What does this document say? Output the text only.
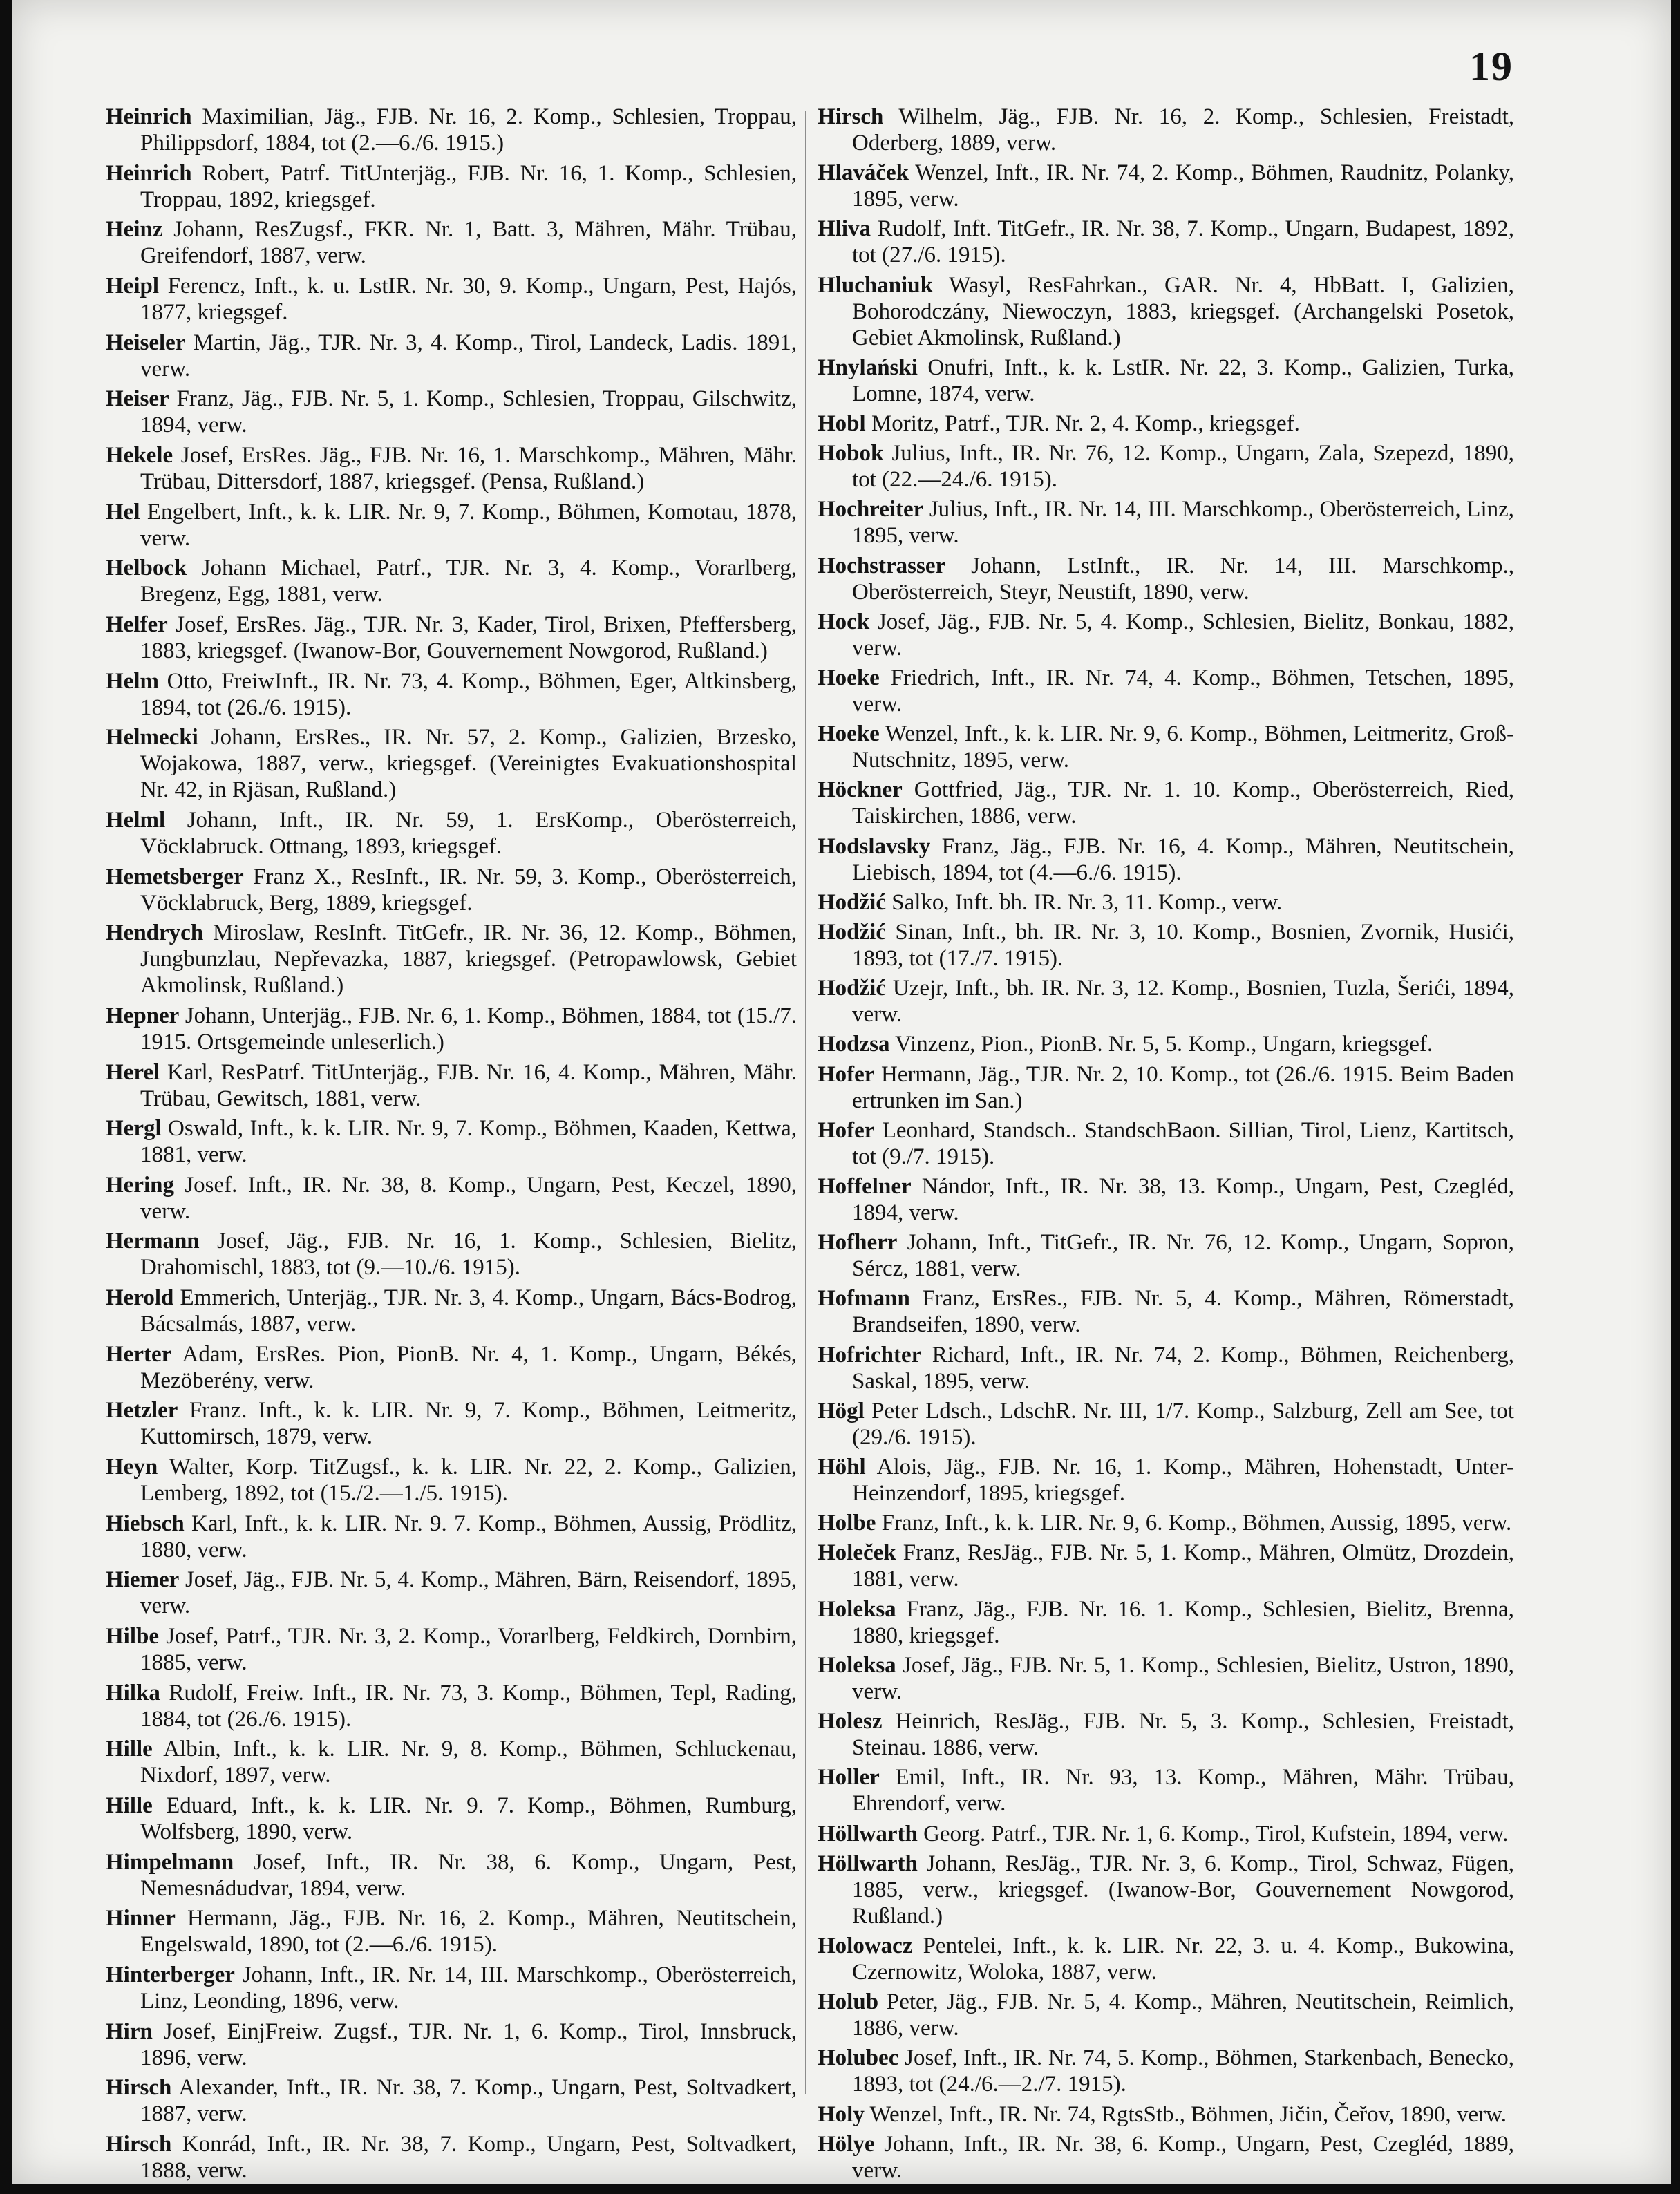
19
Heinrich Maximilian, Jäg., FJB. Nr. 16, 2. Komp., Schlesien, Troppau, Philippsdorf, 1884, tot (2.—6./6. 1915.)
Heinrich Robert, Patrf. TitUnterjäg., FJB. Nr. 16, 1. Komp., Schlesien, Troppau, 1892, kriegsgef.
Heinz Johann, ResZugsf., FKR. Nr. 1, Batt. 3, Mähren, Mähr. Trübau, Greifendorf, 1887, verw.
Heipl Ferencz, Inft., k. u. LstIR. Nr. 30, 9. Komp., Ungarn, Pest, Hajós, 1877, kriegsgef.
Heiseler Martin, Jäg., TJR. Nr. 3, 4. Komp., Tirol, Landeck, Ladis. 1891, verw.
Heiser Franz, Jäg., FJB. Nr. 5, 1. Komp., Schlesien, Troppau, Gilschwitz, 1894, verw.
Hekele Josef, ErsRes. Jäg., FJB. Nr. 16, 1. Marschkomp., Mähren, Mähr. Trübau, Dittersdorf, 1887, kriegsgef. (Pensa, Rußland.)
Hel Engelbert, Inft., k. k. LIR. Nr. 9, 7. Komp., Böhmen, Komotau, 1878, verw.
Helbock Johann Michael, Patrf., TJR. Nr. 3, 4. Komp., Vorarlberg, Bregenz, Egg, 1881, verw.
Helfer Josef, ErsRes. Jäg., TJR. Nr. 3, Kader, Tirol, Brixen, Pfeffersberg, 1883, kriegsgef. (Iwanow-Bor, Gouvernement Nowgorod, Rußland.)
Helm Otto, FreiwInft., IR. Nr. 73, 4. Komp., Böhmen, Eger, Altkinsberg, 1894, tot (26./6. 1915).
Helmecki Johann, ErsRes., IR. Nr. 57, 2. Komp., Galizien, Brzesko, Wojakowa, 1887, verw., kriegsgef. (Vereinigtes Evakuationshospital Nr. 42, in Rjäsan, Rußland.)
Helml Johann, Inft., IR. Nr. 59, 1. ErsKomp., Oberösterreich, Vöcklabruck. Ottnang, 1893, kriegsgef.
Hemetsberger Franz X., ResInft., IR. Nr. 59, 3. Komp., Oberösterreich, Vöcklabruck, Berg, 1889, kriegsgef.
Hendrych Miroslaw, ResInft. TitGefr., IR. Nr. 36, 12. Komp., Böhmen, Jungbunzlau, Nepřevazka, 1887, kriegsgef. (Petropawlowsk, Gebiet Akmolinsk, Rußland.)
Hepner Johann, Unterjäg., FJB. Nr. 6, 1. Komp., Böhmen, 1884, tot (15./7. 1915. Ortsgemeinde unleserlich.)
Herel Karl, ResPatrf. TitUnterjäg., FJB. Nr. 16, 4. Komp., Mähren, Mähr. Trübau, Gewitsch, 1881, verw.
Hergl Oswald, Inft., k. k. LIR. Nr. 9, 7. Komp., Böhmen, Kaaden, Kettwa, 1881, verw.
Hering Josef. Inft., IR. Nr. 38, 8. Komp., Ungarn, Pest, Keczel, 1890, verw.
Hermann Josef, Jäg., FJB. Nr. 16, 1. Komp., Schlesien, Bielitz, Drahomischl, 1883, tot (9.—10./6. 1915).
Herold Emmerich, Unterjäg., TJR. Nr. 3, 4. Komp., Ungarn, Bács-Bodrog, Bácsalmás, 1887, verw.
Herter Adam, ErsRes. Pion, PionB. Nr. 4, 1. Komp., Ungarn, Békés, Mezöberény, verw.
Hetzler Franz. Inft., k. k. LIR. Nr. 9, 7. Komp., Böhmen, Leitmeritz, Kuttomirsch, 1879, verw.
Heyn Walter, Korp. TitZugsf., k. k. LIR. Nr. 22, 2. Komp., Galizien, Lemberg, 1892, tot (15./2.—1./5. 1915).
Hiebsch Karl, Inft., k. k. LIR. Nr. 9. 7. Komp., Böhmen, Aussig, Prödlitz, 1880, verw.
Hiemer Josef, Jäg., FJB. Nr. 5, 4. Komp., Mähren, Bärn, Reisendorf, 1895, verw.
Hilbe Josef, Patrf., TJR. Nr. 3, 2. Komp., Vorarlberg, Feldkirch, Dornbirn, 1885, verw.
Hilka Rudolf, Freiw. Inft., IR. Nr. 73, 3. Komp., Böhmen, Tepl, Rading, 1884, tot (26./6. 1915).
Hille Albin, Inft., k. k. LIR. Nr. 9, 8. Komp., Böhmen, Schluckenau, Nixdorf, 1897, verw.
Hille Eduard, Inft., k. k. LIR. Nr. 9. 7. Komp., Böhmen, Rumburg, Wolfsberg, 1890, verw.
Himpelmann Josef, Inft., IR. Nr. 38, 6. Komp., Ungarn, Pest, Nemesnádudvar, 1894, verw.
Hinner Hermann, Jäg., FJB. Nr. 16, 2. Komp., Mähren, Neutitschein, Engelswald, 1890, tot (2.—6./6. 1915).
Hinterberger Johann, Inft., IR. Nr. 14, III. Marschkomp., Oberösterreich, Linz, Leonding, 1896, verw.
Hirn Josef, EinjFreiw. Zugsf., TJR. Nr. 1, 6. Komp., Tirol, Innsbruck, 1896, verw.
Hirsch Alexander, Inft., IR. Nr. 38, 7. Komp., Ungarn, Pest, Soltvadkert, 1887, verw.
Hirsch Konrád, Inft., IR. Nr. 38, 7. Komp., Ungarn, Pest, Soltvadkert, 1888, verw.
Hirsch Wilhelm, Jäg., FJB. Nr. 16, 2. Komp., Schlesien, Freistadt, Oderberg, 1889, verw.
Hlaváček Wenzel, Inft., IR. Nr. 74, 2. Komp., Böhmen, Raudnitz, Polanky, 1895, verw.
Hliva Rudolf, Inft. TitGefr., IR. Nr. 38, 7. Komp., Ungarn, Budapest, 1892, tot (27./6. 1915).
Hluchaniuk Wasyl, ResFahrkan., GAR. Nr. 4, HbBatt. I, Galizien, Bohorodczány, Niewoczyn, 1883, kriegsgef. (Archangelski Posetok, Gebiet Akmolinsk, Rußland.)
Hnylański Onufri, Inft., k. k. LstIR. Nr. 22, 3. Komp., Galizien, Turka, Lomne, 1874, verw.
Hobl Moritz, Patrf., TJR. Nr. 2, 4. Komp., kriegsgef.
Hobok Julius, Inft., IR. Nr. 76, 12. Komp., Ungarn, Zala, Szepezd, 1890, tot (22.—24./6. 1915).
Hochreiter Julius, Inft., IR. Nr. 14, III. Marschkomp., Oberösterreich, Linz, 1895, verw.
Hochstrasser Johann, LstInft., IR. Nr. 14, III. Marschkomp., Oberösterreich, Steyr, Neustift, 1890, verw.
Hock Josef, Jäg., FJB. Nr. 5, 4. Komp., Schlesien, Bielitz, Bonkau, 1882, verw.
Hoeke Friedrich, Inft., IR. Nr. 74, 4. Komp., Böhmen, Tetschen, 1895, verw.
Hoeke Wenzel, Inft., k. k. LIR. Nr. 9, 6. Komp., Böhmen, Leitmeritz, Groß-Nutschnitz, 1895, verw.
Höckner Gottfried, Jäg., TJR. Nr. 1. 10. Komp., Oberösterreich, Ried, Taiskirchen, 1886, verw.
Hodslavsky Franz, Jäg., FJB. Nr. 16, 4. Komp., Mähren, Neutitschein, Liebisch, 1894, tot (4.—6./6. 1915).
Hodžić Salko, Inft. bh. IR. Nr. 3, 11. Komp., verw.
Hodžić Sinan, Inft., bh. IR. Nr. 3, 10. Komp., Bosnien, Zvornik, Husići, 1893, tot (17./7. 1915).
Hodžić Uzejr, Inft., bh. IR. Nr. 3, 12. Komp., Bosnien, Tuzla, Šerići, 1894, verw.
Hodzsa Vinzenz, Pion., PionB. Nr. 5, 5. Komp., Ungarn, kriegsgef.
Hofer Hermann, Jäg., TJR. Nr. 2, 10. Komp., tot (26./6. 1915. Beim Baden ertrunken im San.)
Hofer Leonhard, Standsch.. StandschBaon. Sillian, Tirol, Lienz, Kartitsch, tot (9./7. 1915).
Hoffelner Nándor, Inft., IR. Nr. 38, 13. Komp., Ungarn, Pest, Czegléd, 1894, verw.
Hofherr Johann, Inft., TitGefr., IR. Nr. 76, 12. Komp., Ungarn, Sopron, Sércz, 1881, verw.
Hofmann Franz, ErsRes., FJB. Nr. 5, 4. Komp., Mähren, Römerstadt, Brandseifen, 1890, verw.
Hofrichter Richard, Inft., IR. Nr. 74, 2. Komp., Böhmen, Reichenberg, Saskal, 1895, verw.
Högl Peter Ldsch., LdschR. Nr. III, 1/7. Komp., Salzburg, Zell am See, tot (29./6. 1915).
Höhl Alois, Jäg., FJB. Nr. 16, 1. Komp., Mähren, Hohenstadt, Unter-Heinzendorf, 1895, kriegsgef.
Holbe Franz, Inft., k. k. LIR. Nr. 9, 6. Komp., Böhmen, Aussig, 1895, verw.
Holeček Franz, ResJäg., FJB. Nr. 5, 1. Komp., Mähren, Olmütz, Drozdein, 1881, verw.
Holeksa Franz, Jäg., FJB. Nr. 16. 1. Komp., Schlesien, Bielitz, Brenna, 1880, kriegsgef.
Holeksa Josef, Jäg., FJB. Nr. 5, 1. Komp., Schlesien, Bielitz, Ustron, 1890, verw.
Holesz Heinrich, ResJäg., FJB. Nr. 5, 3. Komp., Schlesien, Freistadt, Steinau. 1886, verw.
Holler Emil, Inft., IR. Nr. 93, 13. Komp., Mähren, Mähr. Trübau, Ehrendorf, verw.
Höllwarth Georg. Patrf., TJR. Nr. 1, 6. Komp., Tirol, Kufstein, 1894, verw.
Höllwarth Johann, ResJäg., TJR. Nr. 3, 6. Komp., Tirol, Schwaz, Fügen, 1885, verw., kriegsgef. (Iwanow-Bor, Gouvernement Nowgorod, Rußland.)
Holowacz Pentelei, Inft., k. k. LIR. Nr. 22, 3. u. 4. Komp., Bukowina, Czernowitz, Woloka, 1887, verw.
Holub Peter, Jäg., FJB. Nr. 5, 4. Komp., Mähren, Neutitschein, Reimlich, 1886, verw.
Holubec Josef, Inft., IR. Nr. 74, 5. Komp., Böhmen, Starkenbach, Benecko, 1893, tot (24./6.—2./7. 1915).
Holy Wenzel, Inft., IR. Nr. 74, RgtsStb., Böhmen, Jičin, Čeřov, 1890, verw.
Hölye Johann, Inft., IR. Nr. 38, 6. Komp., Ungarn, Pest, Czegléd, 1889, verw.
